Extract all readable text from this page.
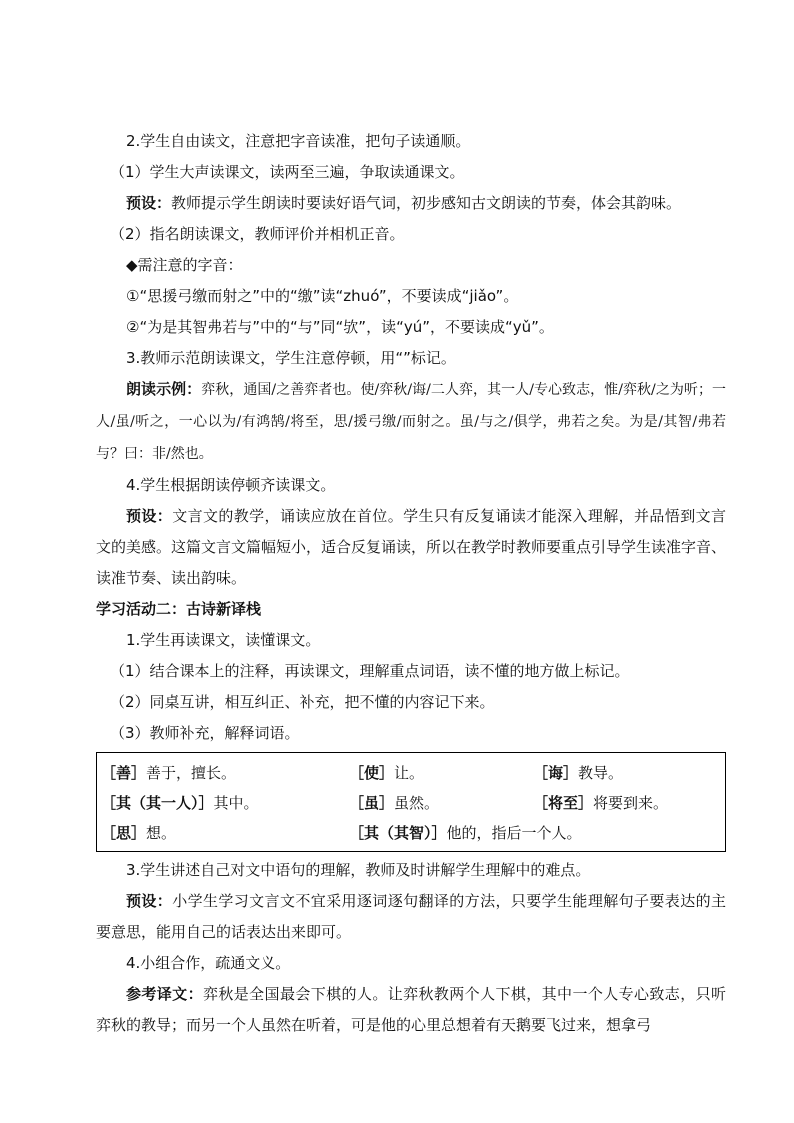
2.学生自由读文，注意把字音读准，把句子读通顺。

（1）学生大声读课文，读两至三遍，争取读通课文。

预设：教师提示学生朗读时要读好语气词，初步感知古文朗读的节奏，体会其韵味。

（2）指名朗读课文，教师评价并相机正音。

◆需注意的字音：

①“思援弓缴而射之”中的“缴”读“zhuó”，不要读成“jiǎo”。

②“为是其智弗若与”中的“与”同“欤”，读“yú”，不要读成“yǔ”。

3.教师示范朗读课文，学生注意停顿，用“”标记。

朗读示例：弈秋，通国/之善弈者也。使/弈秋/诲/二人弈，其一人/专心致志，惟/弈秋/之为听；一人/虽/听之，一心以为/有鸿鹄/将至，思/援弓缴/而射之。虽/与之/俱学，弗若之矣。为是/其智/弗若与？曰：非/然也。

4.学生根据朗读停顿齐读课文。

预设：文言文的教学，诵读应放在首位。学生只有反复诵读才能深入理解，并品悟到文言文的美感。这篇文言文篇幅短小，适合反复诵读，所以在教学时教师要重点引导学生读准字音、读准节奏、读出韵味。

学习活动二：古诗新译栈

1.学生再读课文，读懂课文。

（1）结合课本上的注释，再读课文，理解重点词语，读不懂的地方做上标记。

（2）同桌互讲，相互纠正、补充，把不懂的内容记下来。

（3）教师补充，解释词语。

［善］善于，擅长。	［使］让。	［诲］教导。
［其（其一人）］其中。	［虽］虽然。	［将至］将要到来。
［思］想。	［其（其智）］他的，指后一个人。	

3.学生讲述自己对文中语句的理解，教师及时讲解学生理解中的难点。

预设：小学生学习文言文不宜采用逐词逐句翻译的方法，只要学生能理解句子要表达的主要意思，能用自己的话表达出来即可。

4.小组合作，疏通文义。

参考译文：弈秋是全国最会下棋的人。让弈秋教两个人下棋，其中一个人专心致志，只听弈秋的教导；而另一个人虽然在听着，可是他的心里总想着有天鹅要飞过来，想拿弓
